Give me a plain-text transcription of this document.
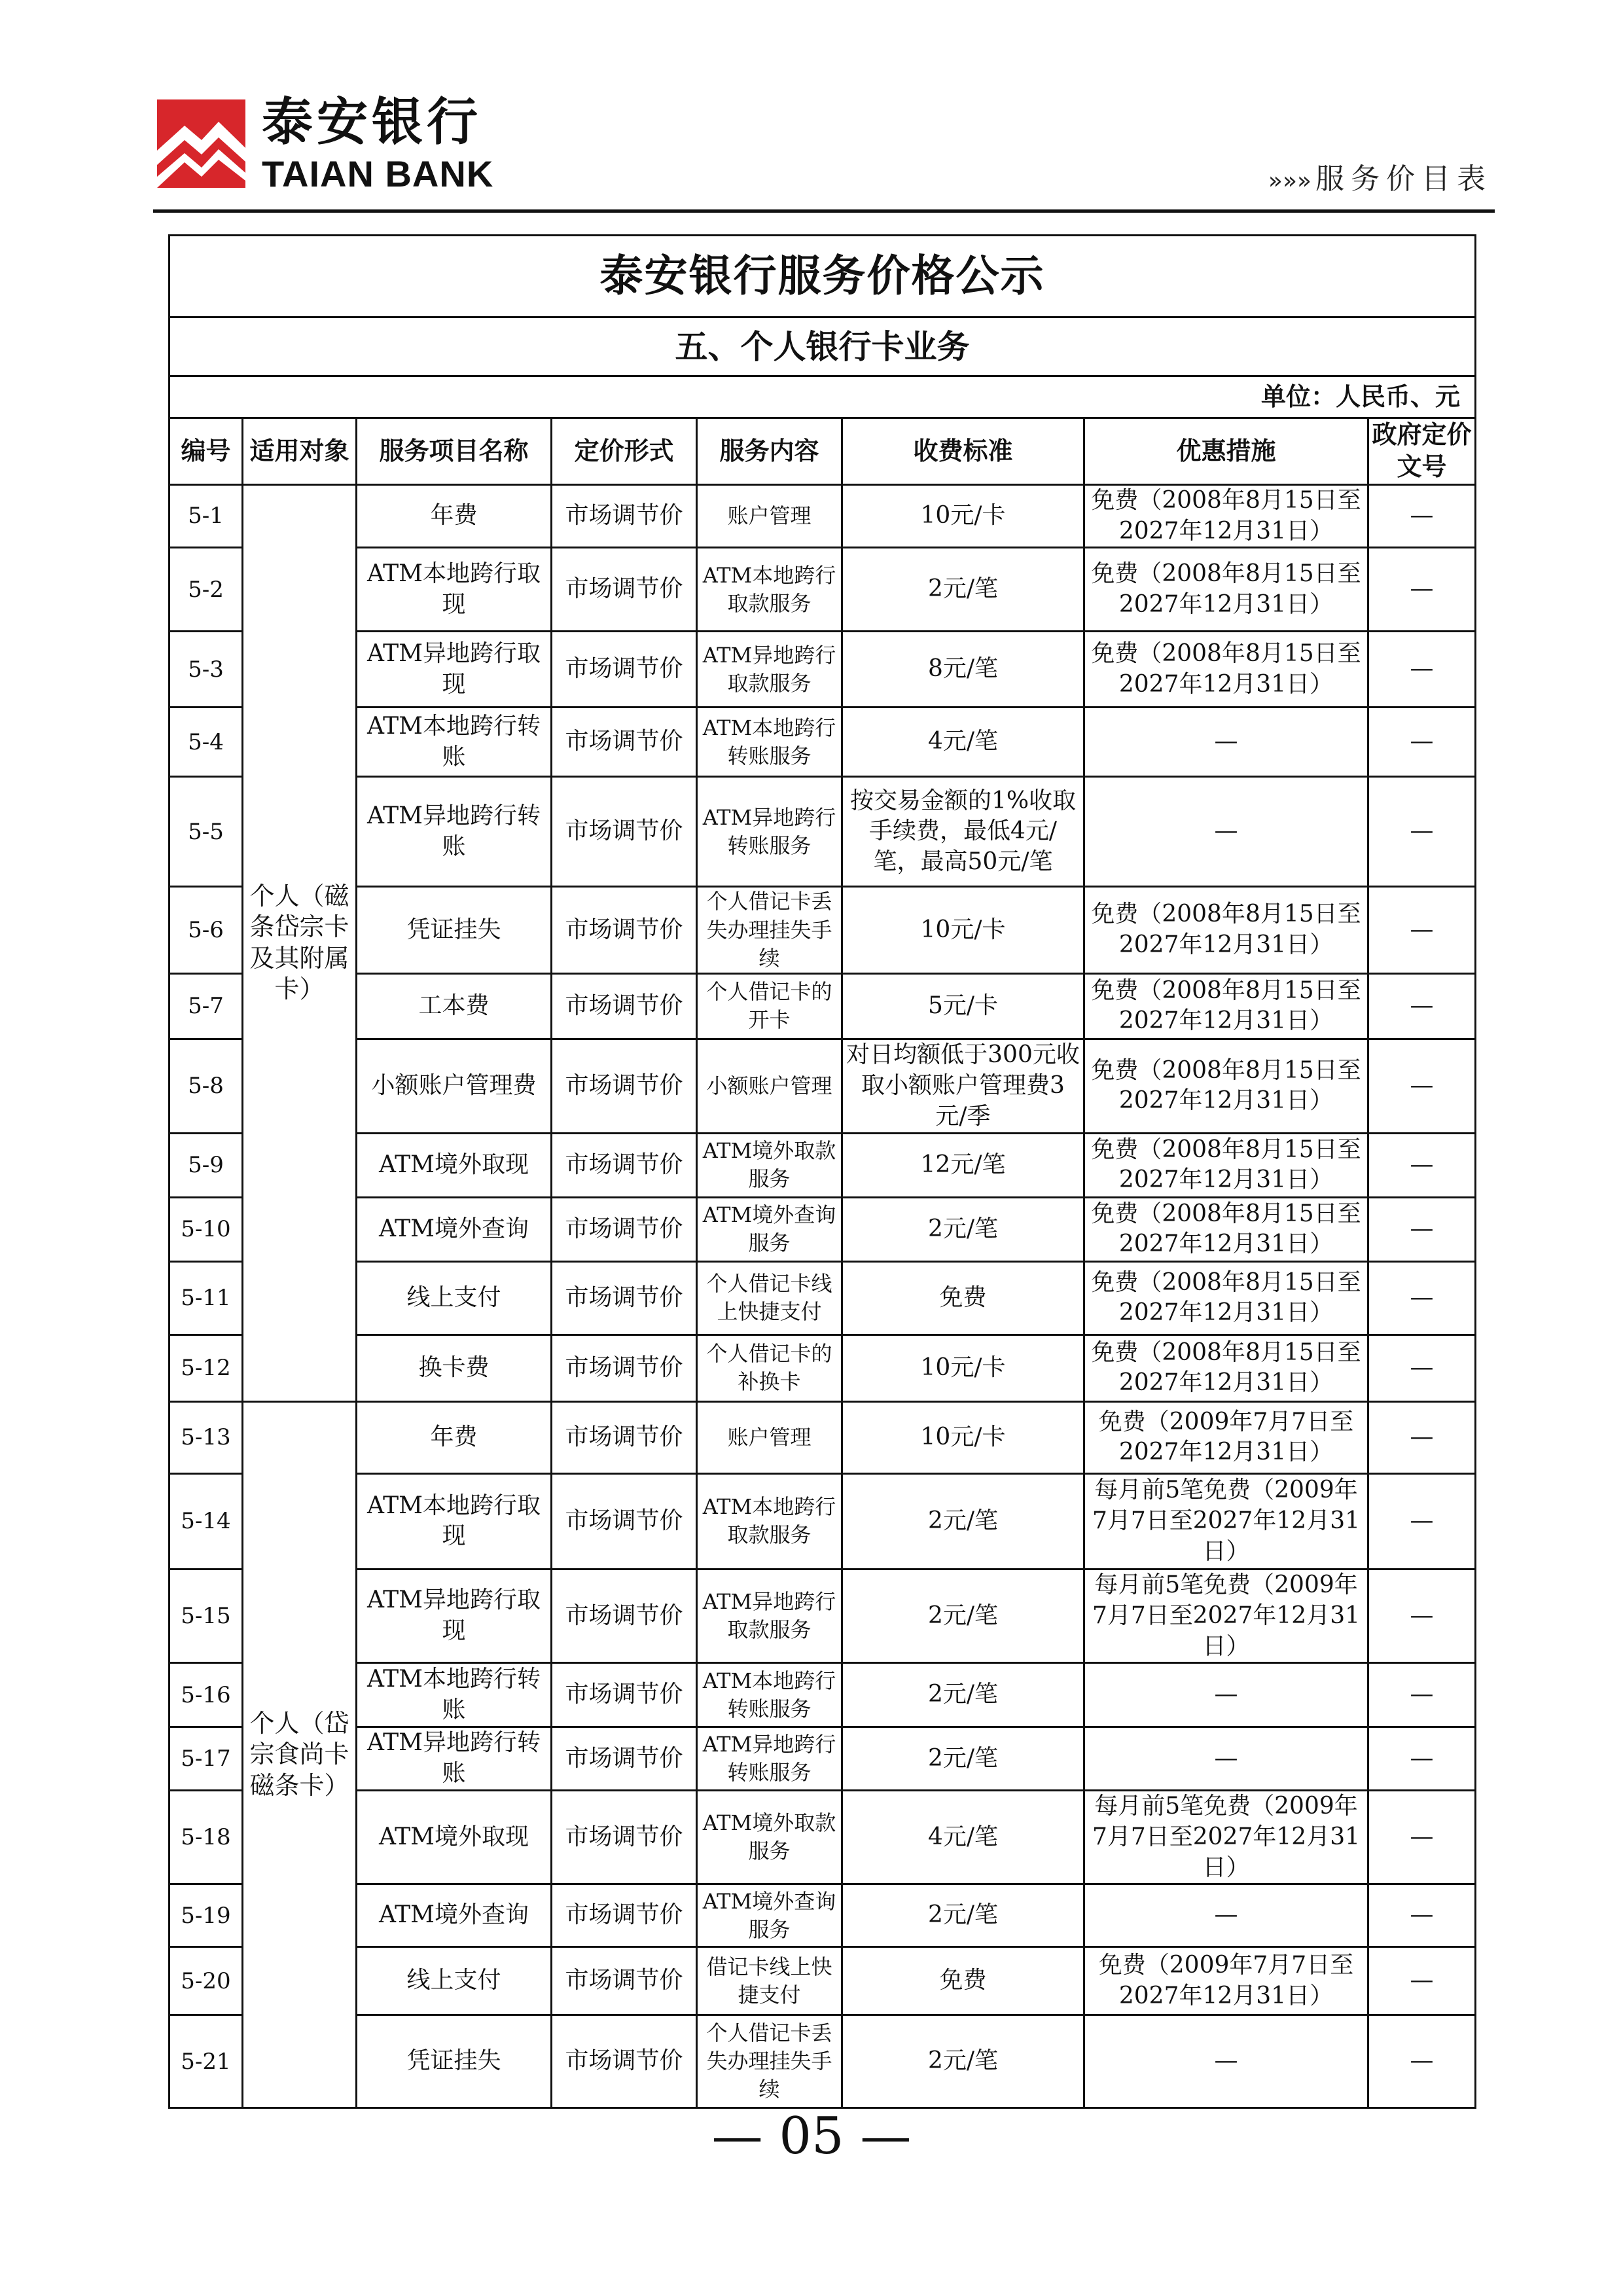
泰安银行
TAIAN BANK	»»» 服务价目表
泰安银行服务价格公示							
五、个人银行卡业务							
单位：人民币、元							
编号	适用对象	服务项目名称	定价形式	服务内容	收费标准	优惠措施	政府定价文号
5-1	个人（磁条岱宗卡及其附属卡）	年费	市场调节价	账户管理	10元/卡	免费（2008年8月15日至2027年12月31日）	—
5-2		ATM本地跨行取现	市场调节价	ATM本地跨行取款服务	2元/笔	免费（2008年8月15日至2027年12月31日）	—
5-3		ATM异地跨行取现	市场调节价	ATM异地跨行取款服务	8元/笔	免费（2008年8月15日至2027年12月31日）	—
5-4		ATM本地跨行转账	市场调节价	ATM本地跨行转账服务	4元/笔	—	—
5-5		ATM异地跨行转账	市场调节价	ATM异地跨行转账服务	按交易金额的1%收取手续费，最低4元/笔，最高50元/笔	—	—
5-6		凭证挂失	市场调节价	个人借记卡丢失办理挂失手续	10元/卡	免费（2008年8月15日至2027年12月31日）	—
5-7		工本费	市场调节价	个人借记卡的开卡	5元/卡	免费（2008年8月15日至2027年12月31日）	—
5-8		小额账户管理费	市场调节价	小额账户管理	对日均额低于300元收取小额账户管理费3元/季	免费（2008年8月15日至2027年12月31日）	—
5-9		ATM境外取现	市场调节价	ATM境外取款服务	12元/笔	免费（2008年8月15日至2027年12月31日）	—
5-10		ATM境外查询	市场调节价	ATM境外查询服务	2元/笔	免费（2008年8月15日至2027年12月31日）	—
5-11		线上支付	市场调节价	个人借记卡线上快捷支付	免费	免费（2008年8月15日至2027年12月31日）	—
5-12		换卡费	市场调节价	个人借记卡的补换卡	10元/卡	免费（2008年8月15日至2027年12月31日）	—
5-13	个人（岱宗食尚卡磁条卡）	年费	市场调节价	账户管理	10元/卡	免费（2009年7月7日至2027年12月31日）	—
5-14		ATM本地跨行取现	市场调节价	ATM本地跨行取款服务	2元/笔	每月前5笔免费（2009年7月7日至2027年12月31日）	—
5-15		ATM异地跨行取现	市场调节价	ATM异地跨行取款服务	2元/笔	每月前5笔免费（2009年7月7日至2027年12月31日）	—
5-16		ATM本地跨行转账	市场调节价	ATM本地跨行转账服务	2元/笔	—	—
5-17		ATM异地跨行转账	市场调节价	ATM异地跨行转账服务	2元/笔	—	—
5-18		ATM境外取现	市场调节价	ATM境外取款服务	4元/笔	每月前5笔免费（2009年7月7日至2027年12月31日）	—
5-19		ATM境外查询	市场调节价	ATM境外查询服务	2元/笔	—	—
5-20		线上支付	市场调节价	借记卡线上快捷支付	免费	免费（2009年7月7日至2027年12月31日）	—
5-21		凭证挂失	市场调节价	个人借记卡丢失办理挂失手续	2元/笔	—	—
— 05 —
